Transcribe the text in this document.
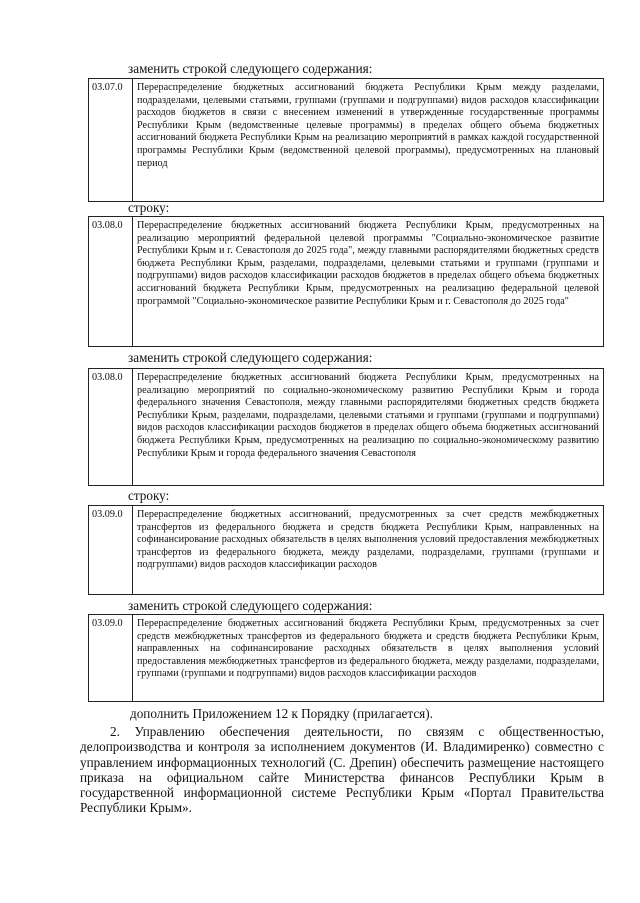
заменить строкой следующего содержания:
03.07.0	Перераспределение бюджетных ассигнований бюджета Республики Крым между разделами, подразделами, целевыми статьями, группами (группами и подгруппами) видов расходов классификации расходов бюджетов в связи с внесением изменений в утвержденные государственные программы Республики Крым (ведомственные целевые программы) в пределах общего объема бюджетных ассигнований бюджета Республики Крым на реализацию мероприятий в рамках каждой государственной программы Республики Крым (ведомственной целевой программы), предусмотренных на плановый период
строку:
03.08.0	Перераспределение бюджетных ассигнований бюджета Республики Крым, предусмотренных на реализацию мероприятий федеральной целевой программы "Социально-экономическое развитие Республики Крым и г. Севастополя до 2025 года", между главными распорядителями бюджетных средств бюджета Республики Крым, разделами, подразделами, целевыми статьями и группами (группами и подгруппами) видов расходов классификации расходов бюджетов в пределах общего объема бюджетных ассигнований бюджета Республики Крым, предусмотренных на реализацию федеральной целевой программой "Социально-экономическое развитие Республики Крым и г. Севастополя до 2025 года"
заменить строкой следующего содержания:
03.08.0	Перераспределение бюджетных ассигнований бюджета Республики Крым, предусмотренных на реализацию мероприятий по социально-экономическому развитию Республики Крым и города федерального значения Севастополя, между главными распорядителями бюджетных средств бюджета Республики Крым, разделами, подразделами, целевыми статьями и группами (группами и подгруппами) видов расходов классификации расходов бюджетов в пределах общего объема бюджетных ассигнований бюджета Республики Крым, предусмотренных на реализацию по социально-экономическому развитию Республики Крым и города федерального значения Севастополя
строку:
03.09.0	Перераспределение бюджетных ассигнований, предусмотренных за счет средств межбюджетных трансфертов из федерального бюджета и средств бюджета Республики Крым, направленных на софинансирование расходных обязательств в целях выполнения условий предоставления межбюджетных трансфертов из федерального бюджета, между разделами, подразделами, группами (группами и подгруппами) видов расходов классификации расходов
заменить строкой следующего содержания:
03.09.0	Перераспределение бюджетных ассигнований бюджета Республики Крым, предусмотренных за счет средств межбюджетных трансфертов из федерального бюджета и средств бюджета Республики Крым, направленных на софинансирование расходных обязательств в целях выполнения условий предоставления межбюджетных трансфертов из федерального бюджета, между разделами, подразделами, группами (группами и подгруппами) видов расходов классификации расходов
дополнить Приложением 12 к Порядку (прилагается).
2. Управлению обеспечения деятельности, по связям с общественностью, делопроизводства и контроля за исполнением документов (И. Владимиренко) совместно с управлением информационных технологий (С. Дрепин) обеспечить размещение настоящего приказа на официальном сайте Министерства финансов Республики Крым в государственной информационной системе Республики Крым «Портал Правительства Республики Крым».
